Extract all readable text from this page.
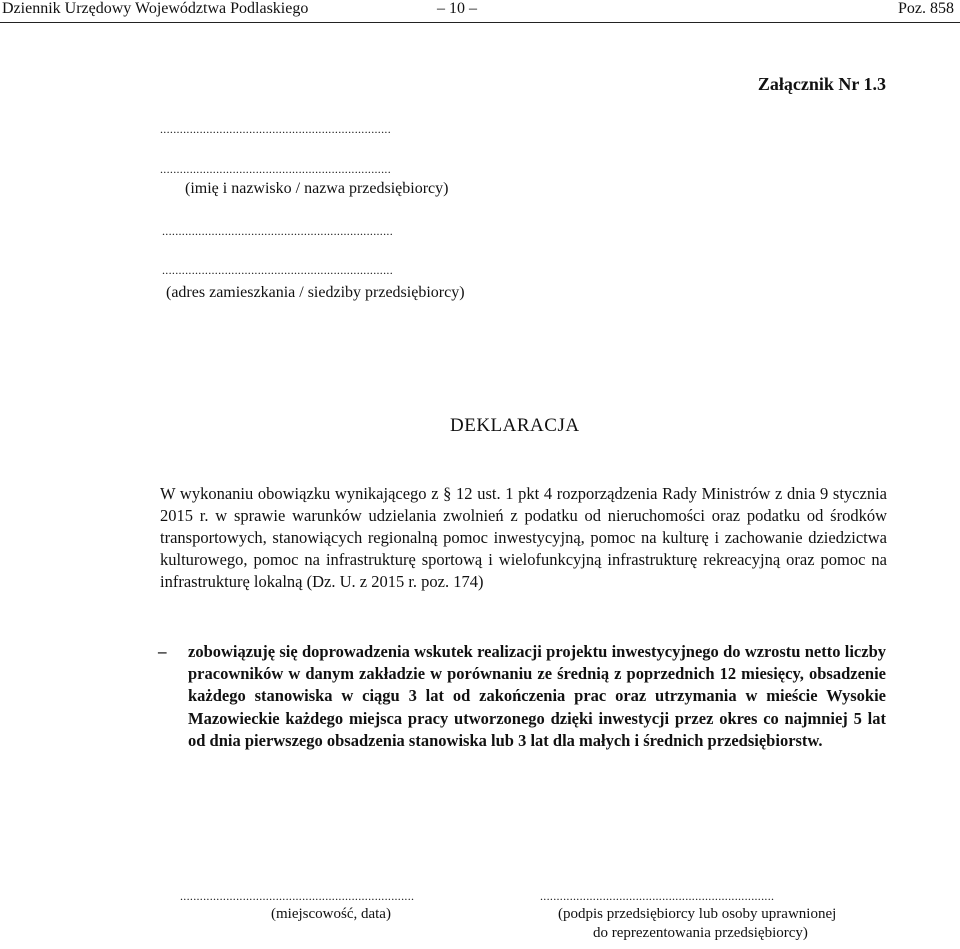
Dziennik Urzędowy Województwa Podlaskiego	– 10 –	Poz. 858
Załącznik Nr 1.3
......................................................................
......................................................................
(imię i nazwisko / nazwa przedsiębiorcy)
......................................................................
......................................................................
(adres zamieszkania / siedziby przedsiębiorcy)
DEKLARACJA
W wykonaniu obowiązku wynikającego z § 12 ust. 1 pkt 4 rozporządzenia Rady Ministrów z dnia 9 stycznia 2015 r. w sprawie warunków udzielania zwolnień z podatku od nieruchomości oraz podatku od środków transportowych, stanowiących regionalną pomoc inwestycyjną, pomoc na kulturę i zachowanie dziedzictwa kulturowego, pomoc na infrastrukturę sportową i wielofunkcyjną infrastrukturę rekreacyjną oraz pomoc na infrastrukturę lokalną (Dz. U. z 2015 r. poz. 174)
– zobowiązuję się doprowadzenia wskutek realizacji projektu inwestycyjnego do wzrostu netto liczby pracowników w danym zakładzie w porównaniu ze średnią z poprzednich 12 miesięcy, obsadzenie każdego stanowiska w ciągu 3 lat od zakończenia prac oraz utrzymania w mieście Wysokie Mazowieckie każdego miejsca pracy utworzonego dzięki inwestycji przez okres co najmniej 5 lat od dnia pierwszego obsadzenia stanowiska lub 3 lat dla małych i średnich przedsiębiorstw.
.......................................................................
(miejscowość, data)
.......................................................................
(podpis przedsiębiorcy lub osoby uprawnionej
do reprezentowania przedsiębiorcy)
